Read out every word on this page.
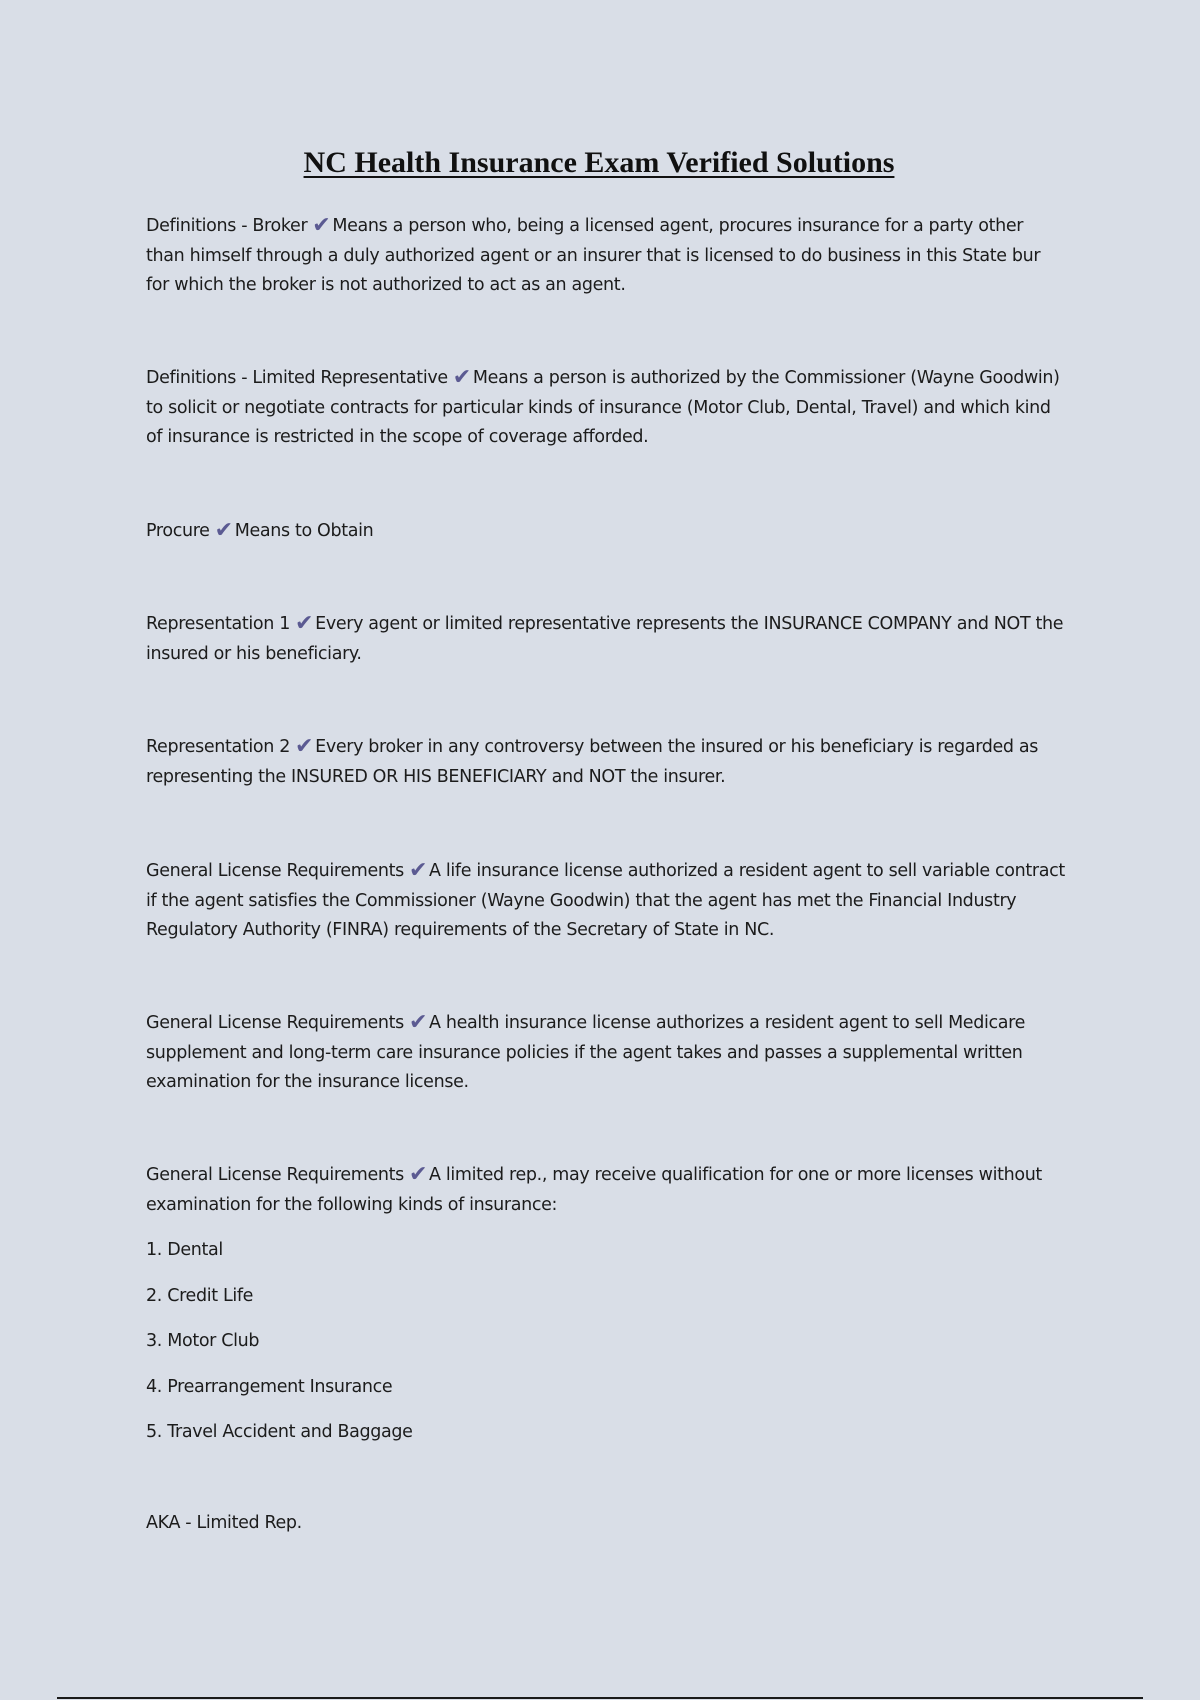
NC Health Insurance Exam Verified Solutions

Definitions - Broker ✔ Means a person who, being a licensed agent, procures insurance for a party other than himself through a duly authorized agent or an insurer that is licensed to do business in this State bur for which the broker is not authorized to act as an agent.

Definitions - Limited Representative ✔ Means a person is authorized by the Commissioner (Wayne Goodwin) to solicit or negotiate contracts for particular kinds of insurance (Motor Club, Dental, Travel) and which kind of insurance is restricted in the scope of coverage afforded.

Procure ✔ Means to Obtain

Representation 1 ✔ Every agent or limited representative represents the INSURANCE COMPANY and NOT the insured or his beneficiary.

Representation 2 ✔ Every broker in any controversy between the insured or his beneficiary is regarded as representing the INSURED OR HIS BENEFICIARY and NOT the insurer.

General License Requirements ✔ A life insurance license authorized a resident agent to sell variable contract if the agent satisfies the Commissioner (Wayne Goodwin) that the agent has met the Financial Industry Regulatory Authority (FINRA) requirements of the Secretary of State in NC.

General License Requirements ✔ A health insurance license authorizes a resident agent to sell Medicare supplement and long-term care insurance policies if the agent takes and passes a supplemental written examination for the insurance license.

General License Requirements ✔ A limited rep., may receive qualification for one or more licenses without examination for the following kinds of insurance:

1. Dental

2. Credit Life

3. Motor Club

4. Prearrangement Insurance

5. Travel Accident and Baggage

AKA - Limited Rep.
